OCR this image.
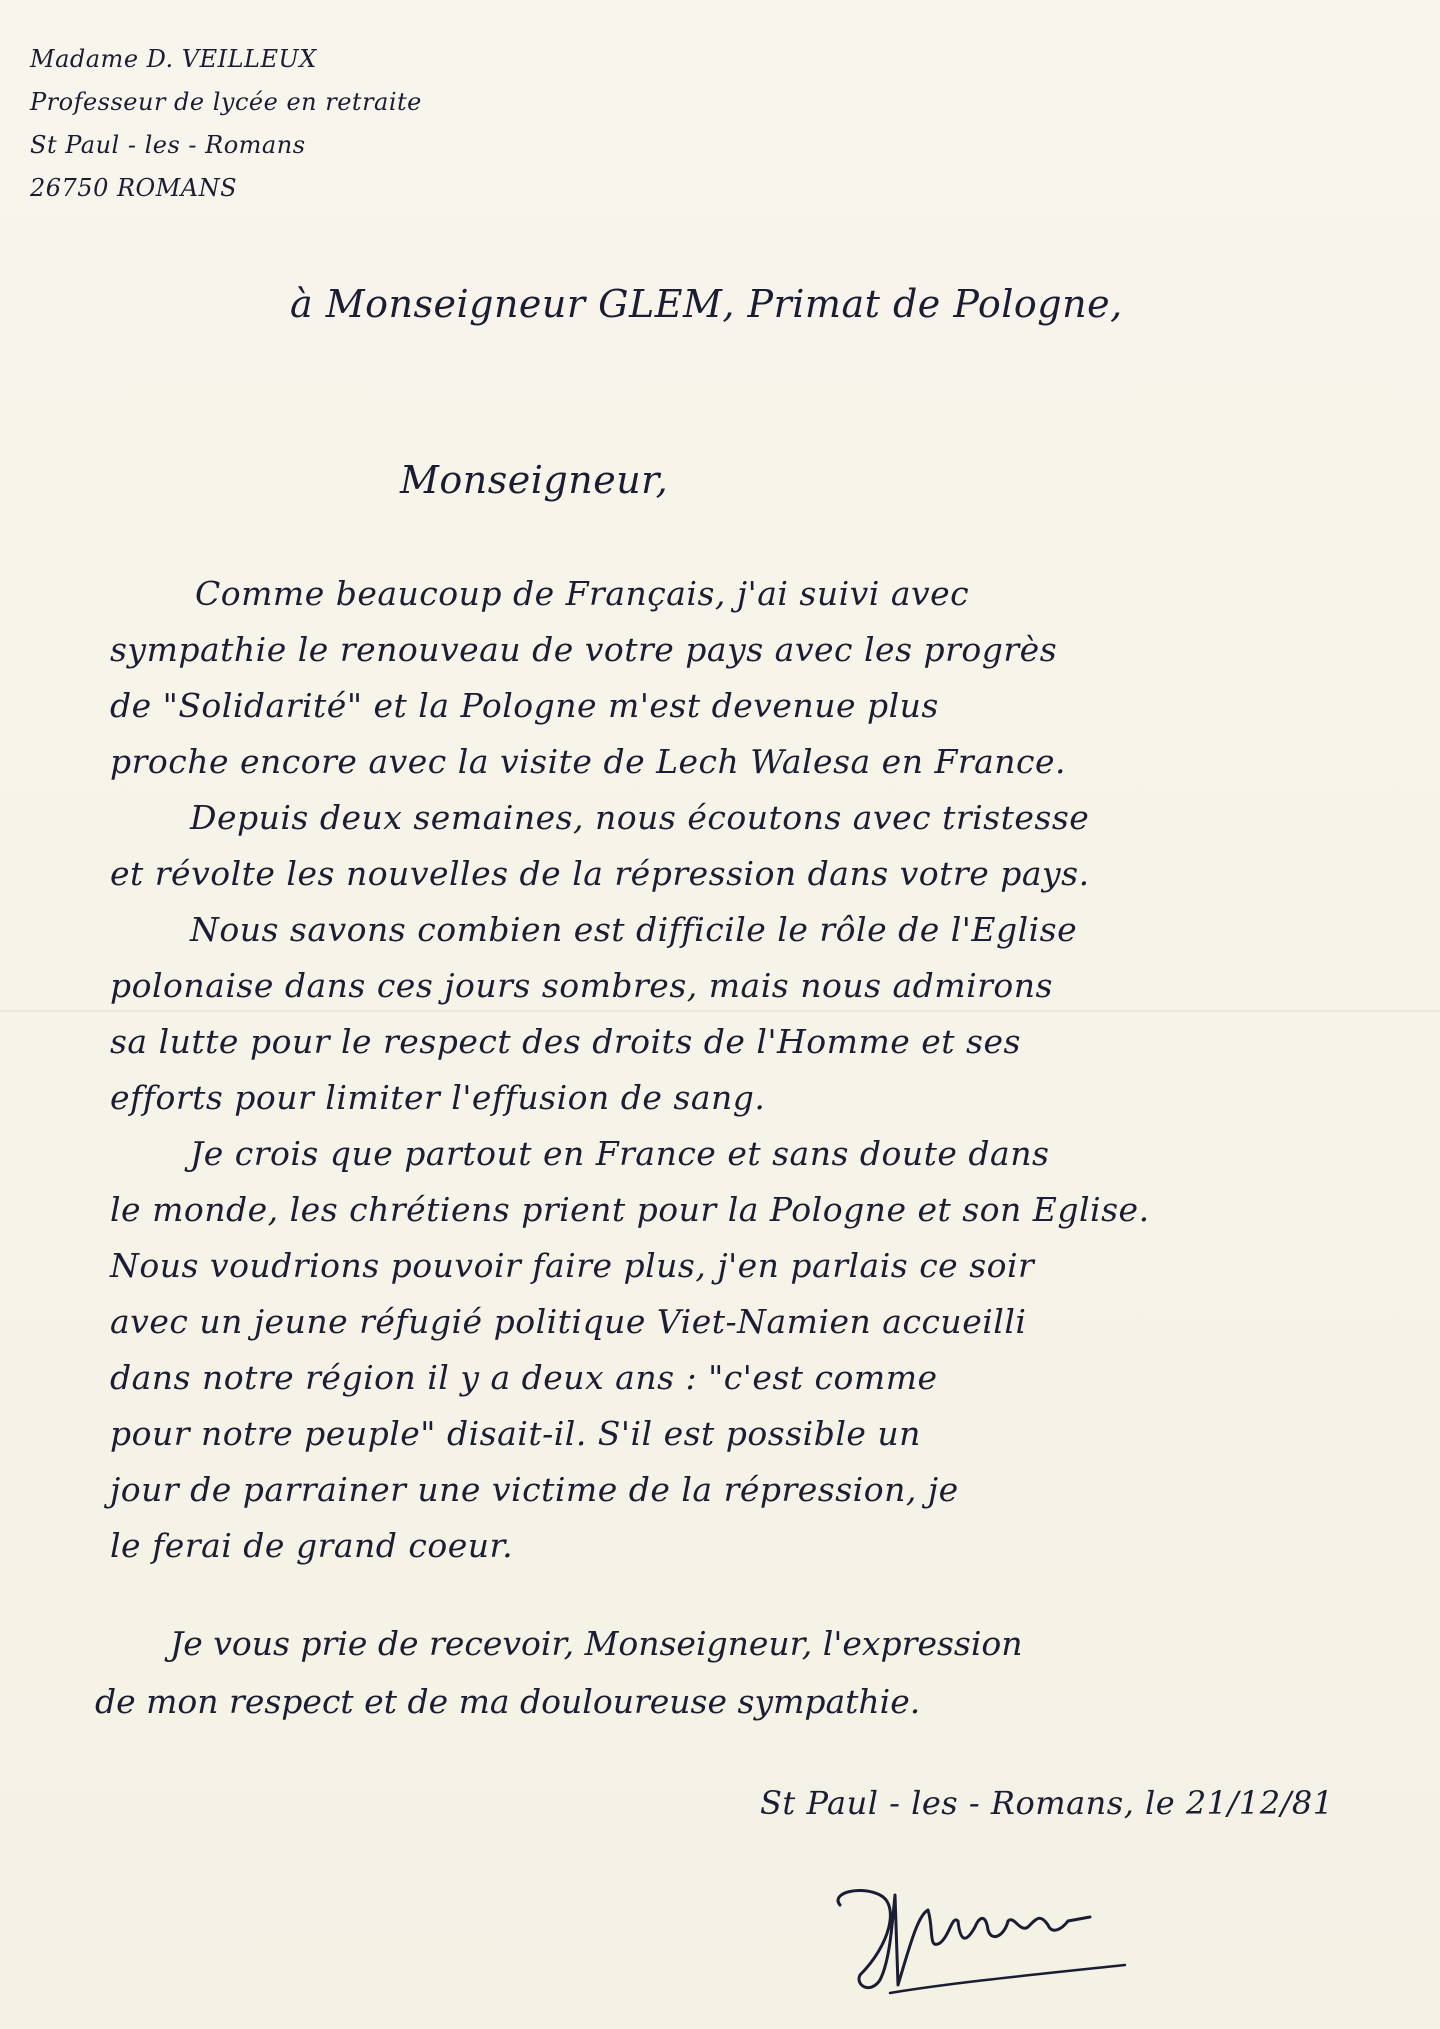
Madame D. VEILLEUX
Professeur de lycée en retraite
St Paul - les - Romans
26750 ROMANS
à Monseigneur GLEM, Primat de Pologne,
Monseigneur,
Comme beaucoup de Français, j'ai suivi avec
sympathie le renouveau de votre pays avec les progrès
de "Solidarité" et la Pologne m'est devenue plus
proche encore avec la visite de Lech Walesa en France.
Depuis deux semaines, nous écoutons avec tristesse
et révolte les nouvelles de la répression dans votre pays.
Nous savons combien est difficile le rôle de l'Eglise
polonaise dans ces jours sombres, mais nous admirons
sa lutte pour le respect des droits de l'Homme et ses
efforts pour limiter l'effusion de sang.
Je crois que partout en France et sans doute dans
le monde, les chrétiens prient pour la Pologne et son Eglise.
Nous voudrions pouvoir faire plus, j'en parlais ce soir
avec un jeune réfugié politique Viet-Namien accueilli
dans notre région il y a deux ans : "c'est comme
pour notre peuple" disait-il. S'il est possible un
jour de parrainer une victime de la répression, je
le ferai de grand coeur.
Je vous prie de recevoir, Monseigneur, l'expression
de mon respect et de ma douloureuse sympathie.
St Paul - les - Romans, le 21/12/81
